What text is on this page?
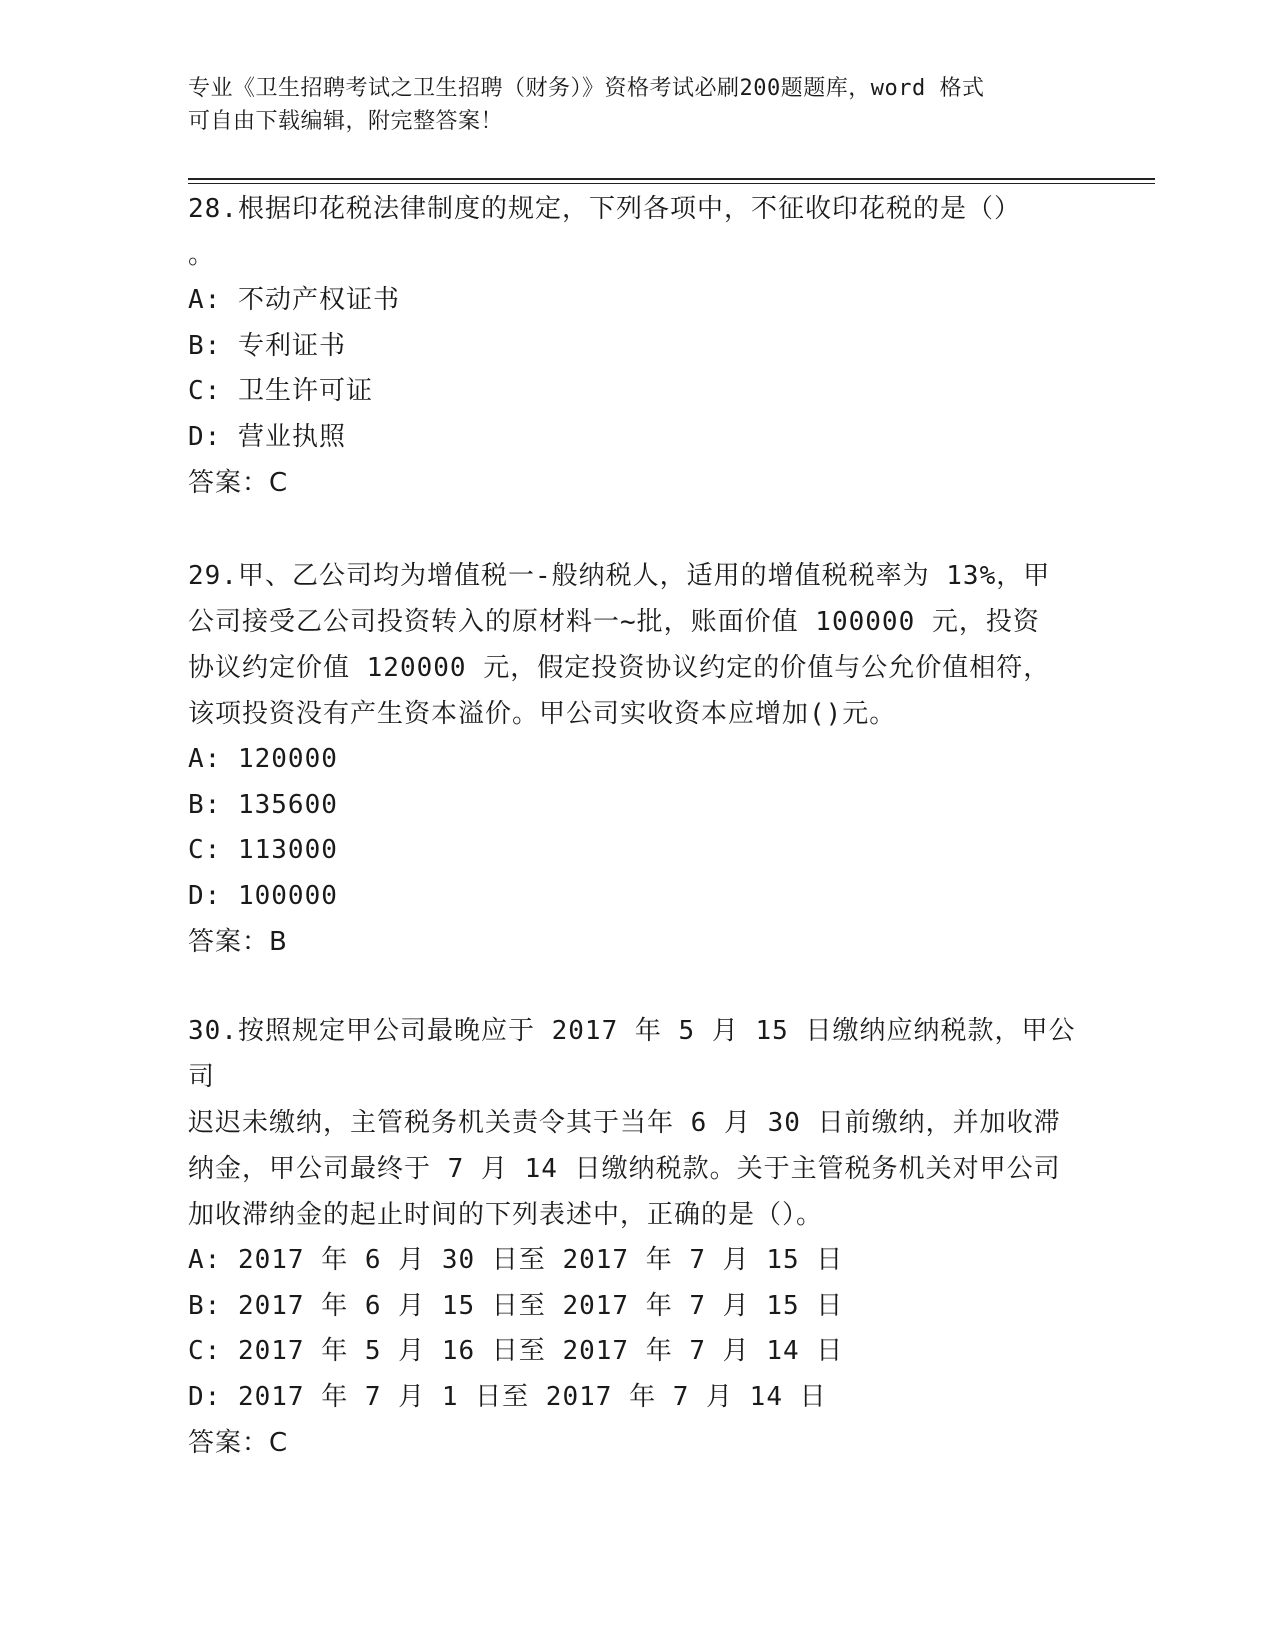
专业《卫生招聘考试之卫生招聘（财务）》资格考试必刷200题题库，word 格式
可自由下载编辑，附完整答案！
28.根据印花税法律制度的规定，下列各项中，不征收印花税的是（）
。
A: 不动产权证书
B: 专利证书
C: 卫生许可证
D: 营业执照
答案：C
29.甲、乙公司均为增值税一-般纳税人，适用的增值税税率为 13%，甲
公司接受乙公司投资转入的原材料一~批，账面价值 100000 元，投资
协议约定价值 120000 元，假定投资协议约定的价值与公允价值相符，
该项投资没有产生资本溢价。甲公司实收资本应增加()元。
A: 120000
B: 135600
C: 113000
D: 100000
答案：B
30.按照规定甲公司最晚应于 2017 年 5 月 15 日缴纳应纳税款，甲公司
迟迟未缴纳，主管税务机关责令其于当年 6 月 30 日前缴纳，并加收滞
纳金，甲公司最终于 7 月 14 日缴纳税款。关于主管税务机关对甲公司
加收滞纳金的起止时间的下列表述中，正确的是（）。
A: 2017 年 6 月 30 日至 2017 年 7 月 15 日
B: 2017 年 6 月 15 日至 2017 年 7 月 15 日
C: 2017 年 5 月 16 日至 2017 年 7 月 14 日
D: 2017 年 7 月 1 日至 2017 年 7 月 14 日
答案：C
